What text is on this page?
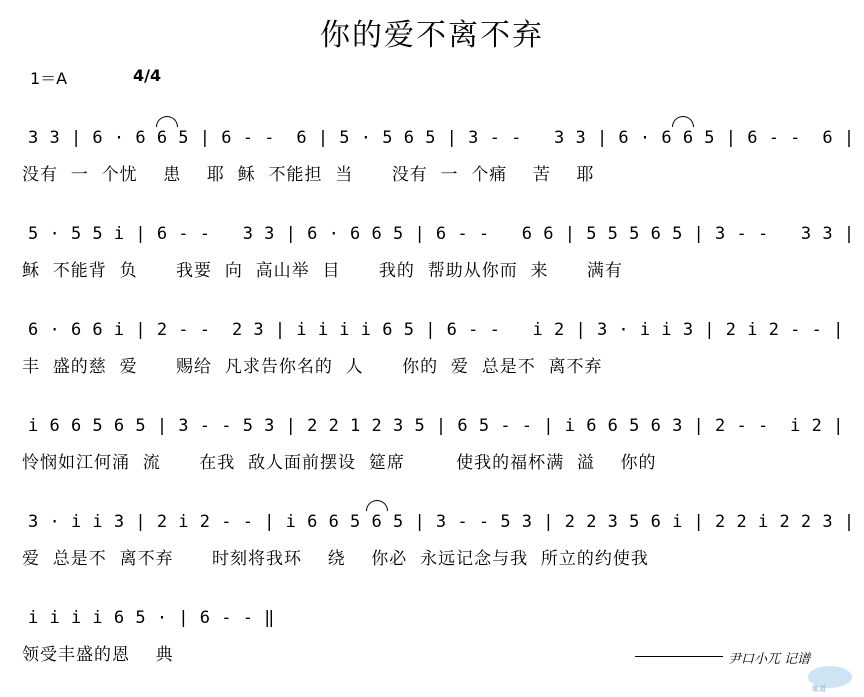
你的爱不离不弃
1＝A	4/4
3 3 | 6 · 6 6 5 | 6 - -  6 | 5 · 5 6 5 | 3 - -   3 3 | 6 · 6 6 5 | 6 - -  6 |
没有  一  个忧    患    耶  稣  不能担  当      没有  一  个痛    苦    耶
5 · 5 5 i | 6 - -   3 3 | 6 · 6 6 5 | 6 - -   6 6 | 5 5 5 6 5 | 3 - -   3 3 |
稣  不能背  负      我要  向  高山举  目      我的  帮助从你而  来      满有
6 · 6 6 i | 2 - -  2 3 | i i i i 6 5 | 6 - -   i 2 | 3 · i i 3 | 2 i 2 - - |
丰  盛的慈  爱      赐给  凡求告你名的  人      你的  爱  总是不  离不弃
i 6 6 5 6 5 | 3 - - 5 3 | 2 2 1 2 3 5 | 6 5 - - | i 6 6 5 6 3 | 2 - -  i 2 |
怜悯如江何涌  流      在我  敌人面前摆设  筵席        使我的福杯满  溢    你的
3 · i i 3 | 2 i 2 - - | i 6 6 5 6 5 | 3 - - 5 3 | 2 2 3 5 6 i | 2 2 i 2 2 3 |
爱  总是不  离不弃      时刻将我环    绕    你必  永远记念与我  所立的约使我
i i i i 6 5 · | 6 - - ‖
领受丰盛的恩    典	尹口小兀 记谱
歌谱
